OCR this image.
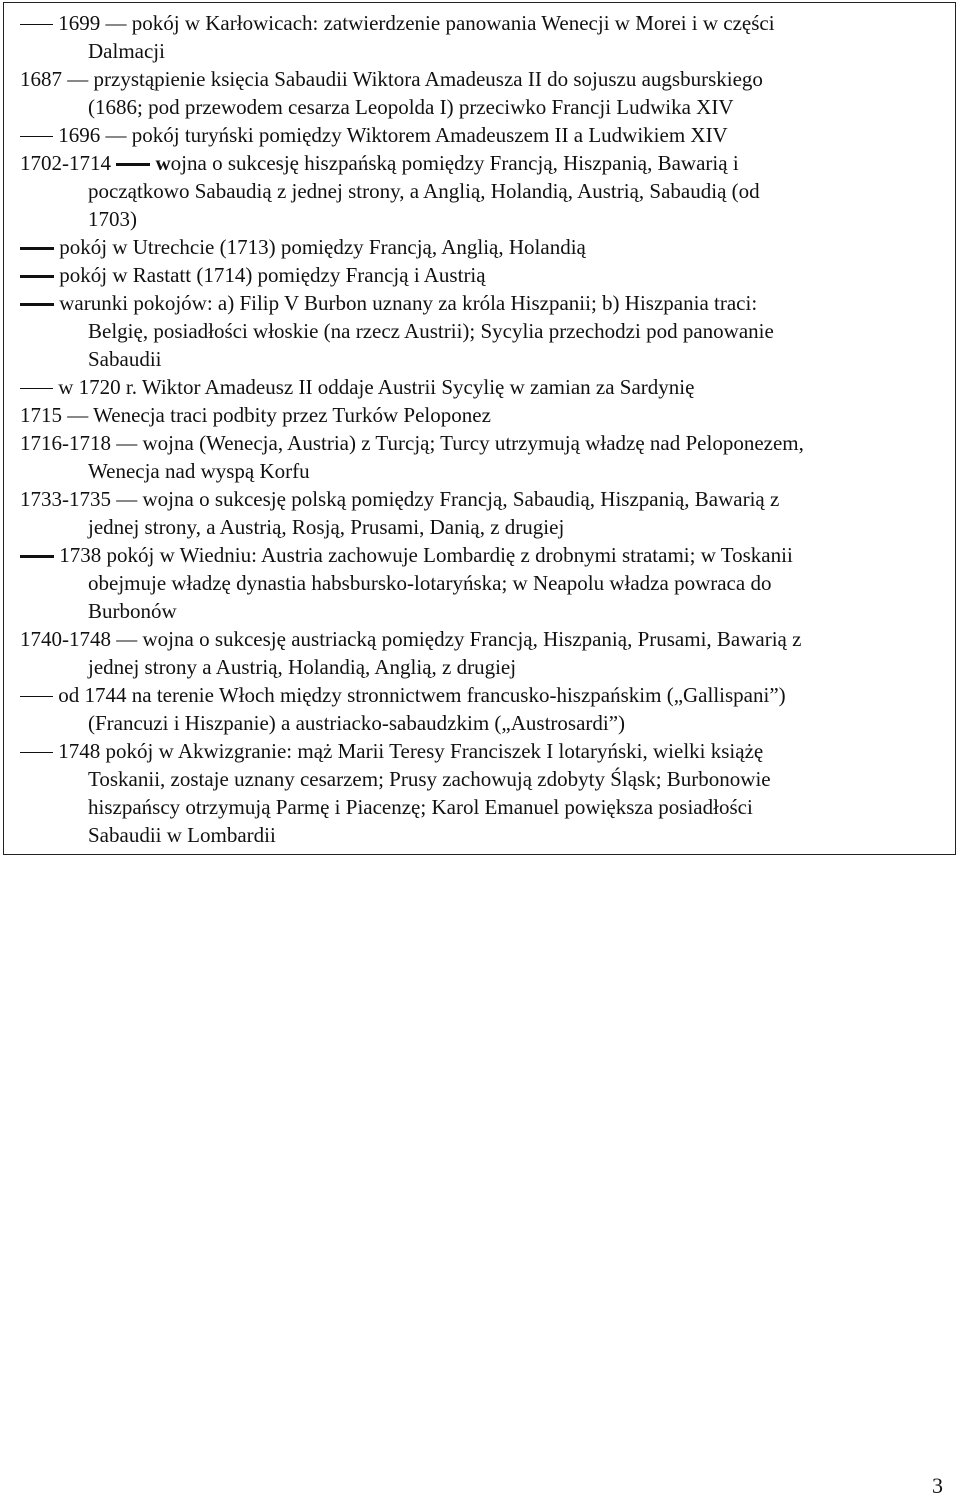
1699 — pokój w Karłowicach: zatwierdzenie panowania Wenecji w Morei i w części
Dalmacji
1687 — przystąpienie księcia Sabaudii Wiktora Amadeusza II do sojuszu augsburskiego
(1686; pod przewodem cesarza Leopolda I) przeciwko Francji Ludwika XIV
1696 — pokój turyński pomiędzy Wiktorem Amadeuszem II a Ludwikiem XIV
1702-1714 wojna o sukcesję hiszpańską pomiędzy Francją, Hiszpanią, Bawarią i
początkowo Sabaudią z jednej strony, a Anglią, Holandią, Austrią, Sabaudią (od
1703)
pokój w Utrechcie (1713) pomiędzy Francją, Anglią, Holandią
pokój w Rastatt (1714) pomiędzy Francją i Austrią
warunki pokojów: a) Filip V Burbon uznany za króla Hiszpanii; b) Hiszpania traci:
Belgię, posiadłości włoskie (na rzecz Austrii); Sycylia przechodzi pod panowanie
Sabaudii
w 1720 r. Wiktor Amadeusz II oddaje Austrii Sycylię w zamian za Sardynię
1715 — Wenecja traci podbity przez Turków Peloponez
1716-1718 — wojna (Wenecja, Austria) z Turcją; Turcy utrzymują władzę nad Peloponezem,
Wenecja nad wyspą Korfu
1733-1735 — wojna o sukcesję polską pomiędzy Francją, Sabaudią, Hiszpanią, Bawarią z
jednej strony, a Austrią, Rosją, Prusami, Danią, z drugiej
1738 pokój w Wiedniu: Austria zachowuje Lombardię z drobnymi stratami; w Toskanii
obejmuje władzę dynastia habsbursko-lotaryńska; w Neapolu władza powraca do
Burbonów
1740-1748 — wojna o sukcesję austriacką pomiędzy Francją, Hiszpanią, Prusami, Bawarią z
jednej strony a Austrią, Holandią, Anglią, z drugiej
od 1744 na terenie Włoch między stronnictwem francusko-hiszpańskim („Gallispani”)
(Francuzi i Hiszpanie) a austriacko-sabaudzkim („Austrosardi”)
1748 pokój w Akwizgranie: mąż Marii Teresy Franciszek I lotaryński, wielki książę
Toskanii, zostaje uznany cesarzem; Prusy zachowują zdobyty Śląsk; Burbonowie
hiszpańscy otrzymują Parmę i Piacenzę; Karol Emanuel powiększa posiadłości
Sabaudii w Lombardii
3
